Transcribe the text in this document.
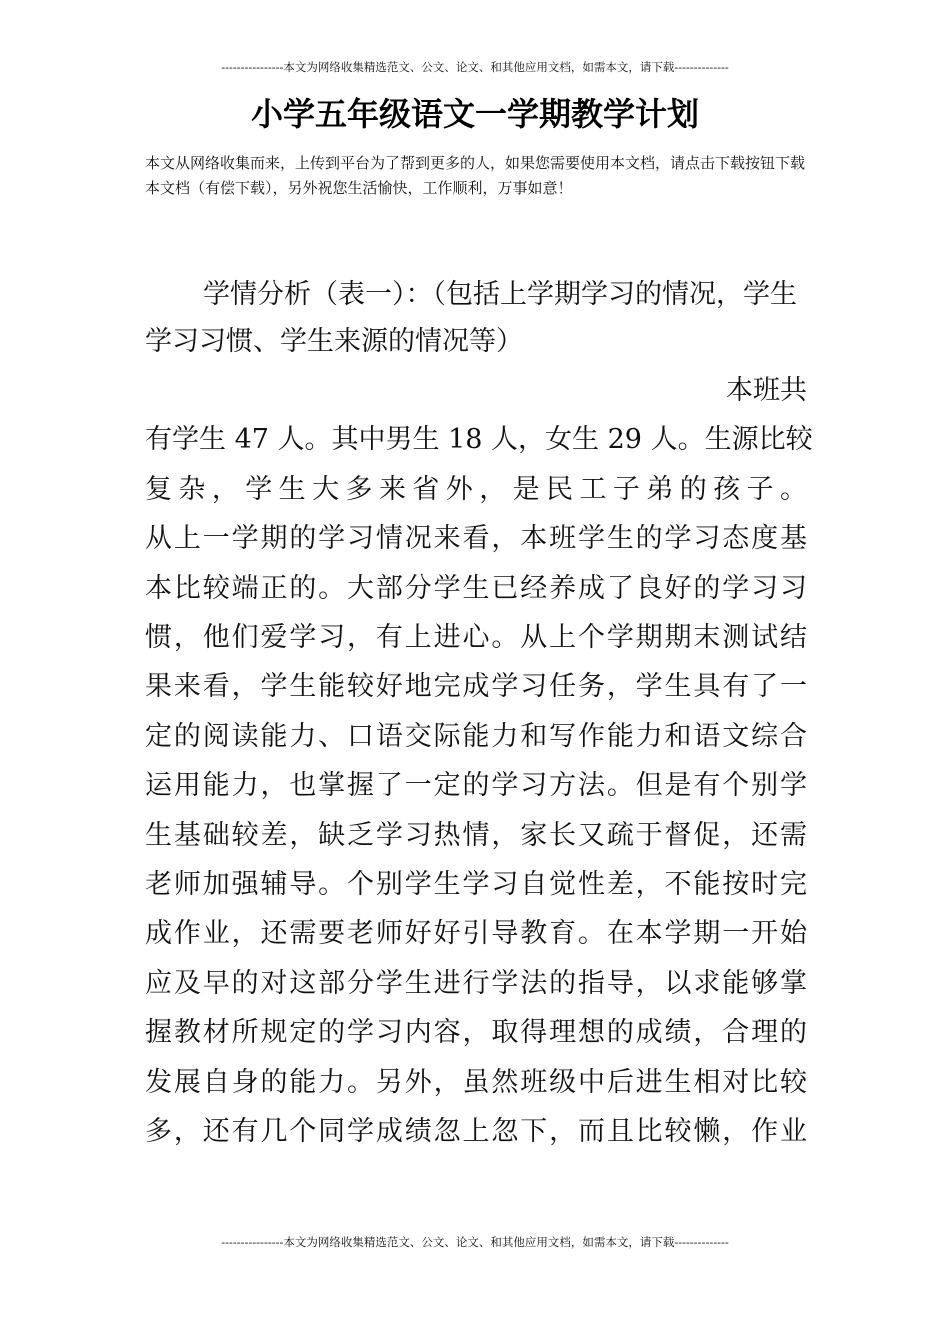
----------------本文为网络收集精选范文、公文、论文、和其他应用文档，如需本文，请下载--------------
小学五年级语文一学期教学计划
本文从网络收集而来，上传到平台为了帮到更多的人，如果您需要使用本文档，请点击下载按钮下载本文档（有偿下载），另外祝您生活愉快，工作顺利，万事如意！
学情分析（表一）：（包括上学期学习的情况，学生学习习惯、学生来源的情况等）
本班共
有学生 47 人。其中男生 18 人，女生 29 人。生源比较
复杂，学生大多来省外，是民工子弟的孩子。
从上一学期的学习情况来看，本班学生的学习态度基
本比较端正的。大部分学生已经养成了良好的学习习
惯，他们爱学习，有上进心。从上个学期期末测试结
果来看，学生能较好地完成学习任务，学生具有了一
定的阅读能力、口语交际能力和写作能力和语文综合
运用能力，也掌握了一定的学习方法。但是有个别学
生基础较差，缺乏学习热情，家长又疏于督促，还需
老师加强辅导。个别学生学习自觉性差，不能按时完
成作业，还需要老师好好引导教育。在本学期一开始
应及早的对这部分学生进行学法的指导，以求能够掌
握教材所规定的学习内容，取得理想的成绩，合理的
发展自身的能力。另外，虽然班级中后进生相对比较
多，还有几个同学成绩忽上忽下，而且比较懒，作业
----------------本文为网络收集精选范文、公文、论文、和其他应用文档，如需本文，请下载--------------
